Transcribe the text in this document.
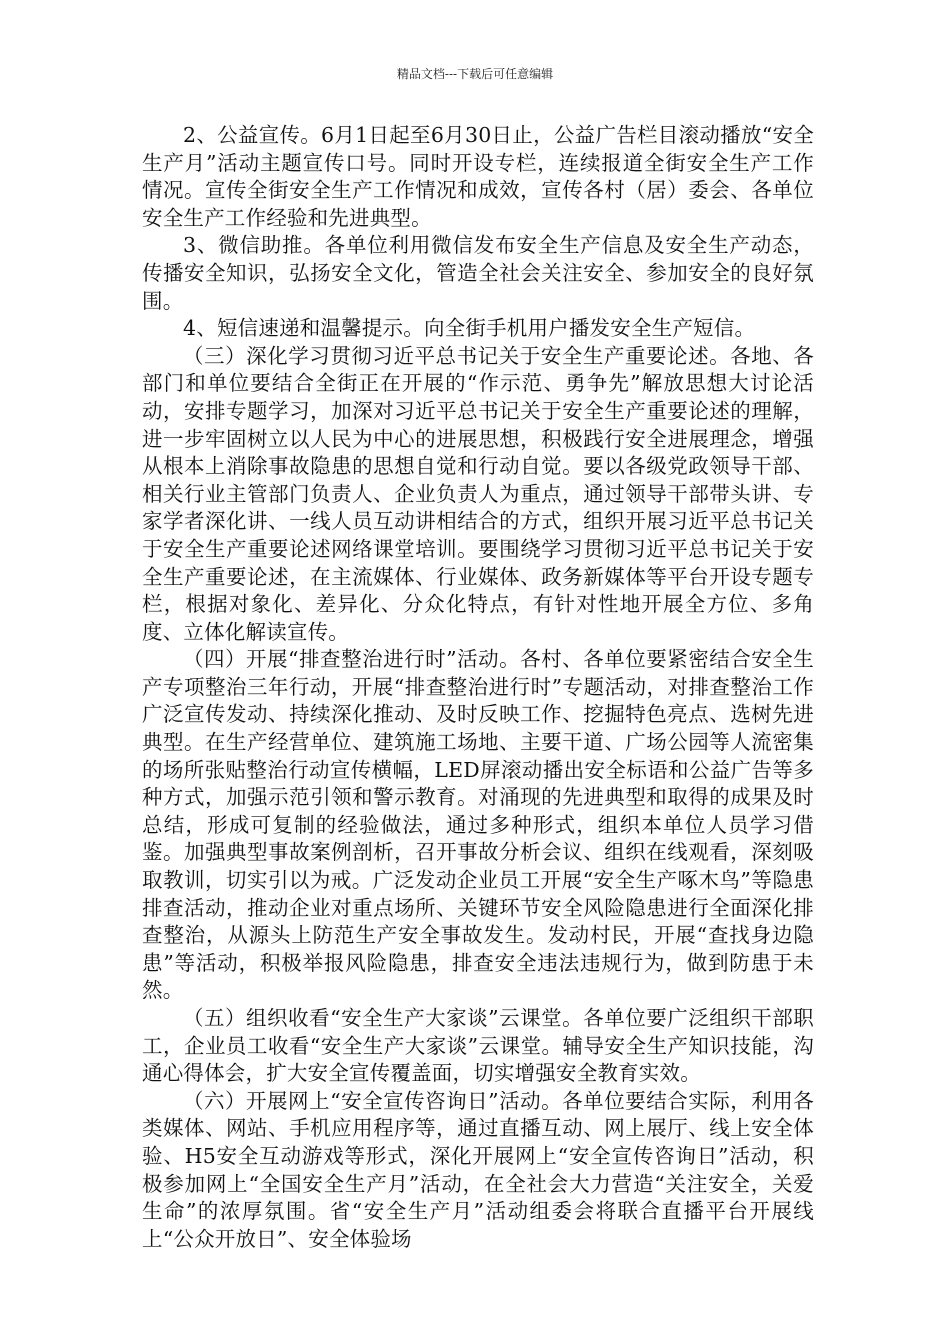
精品文档---下载后可任意编辑

2、公益宣传。6月1日起至6月30日止，公益广告栏目滚动播放“安全生产月”活动主题宣传口号。同时开设专栏，连续报道全街安全生产工作情况。宣传全街安全生产工作情况和成效，宣传各村（居）委会、各单位安全生产工作经验和先进典型。

3、微信助推。各单位利用微信发布安全生产信息及安全生产动态，传播安全知识，弘扬安全文化，管造全社会关注安全、参加安全的良好氛围。

4、短信速递和温馨提示。向全街手机用户播发安全生产短信。

（三）深化学习贯彻习近平总书记关于安全生产重要论述。各地、各部门和单位要结合全街正在开展的“作示范、勇争先”解放思想大讨论活动，安排专题学习，加深对习近平总书记关于安全生产重要论述的理解，进一步牢固树立以人民为中心的进展思想，积极践行安全进展理念，增强从根本上消除事故隐患的思想自觉和行动自觉。要以各级党政领导干部、相关行业主管部门负责人、企业负责人为重点，通过领导干部带头讲、专家学者深化讲、一线人员互动讲相结合的方式，组织开展习近平总书记关于安全生产重要论述网络课堂培训。要围绕学习贯彻习近平总书记关于安全生产重要论述，在主流媒体、行业媒体、政务新媒体等平台开设专题专栏，根据对象化、差异化、分众化特点，有针对性地开展全方位、多角度、立体化解读宣传。

（四）开展“排查整治进行时”活动。各村、各单位要紧密结合安全生产专项整治三年行动，开展“排查整治进行时”专题活动，对排查整治工作广泛宣传发动、持续深化推动、及时反映工作、挖掘特色亮点、选树先进典型。在生产经营单位、建筑施工场地、主要干道、广场公园等人流密集的场所张贴整治行动宣传横幅，LED屏滚动播出安全标语和公益广告等多种方式，加强示范引领和警示教育。对涌现的先进典型和取得的成果及时总结，形成可复制的经验做法，通过多种形式，组织本单位人员学习借鉴。加强典型事故案例剖析，召开事故分析会议、组织在线观看，深刻吸取教训，切实引以为戒。广泛发动企业员工开展“安全生产啄木鸟”等隐患排查活动，推动企业对重点场所、关键环节安全风险隐患进行全面深化排查整治，从源头上防范生产安全事故发生。发动村民，开展“查找身边隐患”等活动，积极举报风险隐患，排查安全违法违规行为，做到防患于未然。

（五）组织收看“安全生产大家谈”云课堂。各单位要广泛组织干部职工，企业员工收看“安全生产大家谈”云课堂。辅导安全生产知识技能，沟通心得体会，扩大安全宣传覆盖面，切实增强安全教育实效。

（六）开展网上“安全宣传咨询日”活动。各单位要结合实际，利用各类媒体、网站、手机应用程序等，通过直播互动、网上展厅、线上安全体验、H5安全互动游戏等形式，深化开展网上“安全宣传咨询日”活动，积极参加网上“全国安全生产月”活动，在全社会大力营造“关注安全，关爱生命”的浓厚氛围。省“安全生产月”活动组委会将联合直播平台开展线上“公众开放日”、安全体验场
